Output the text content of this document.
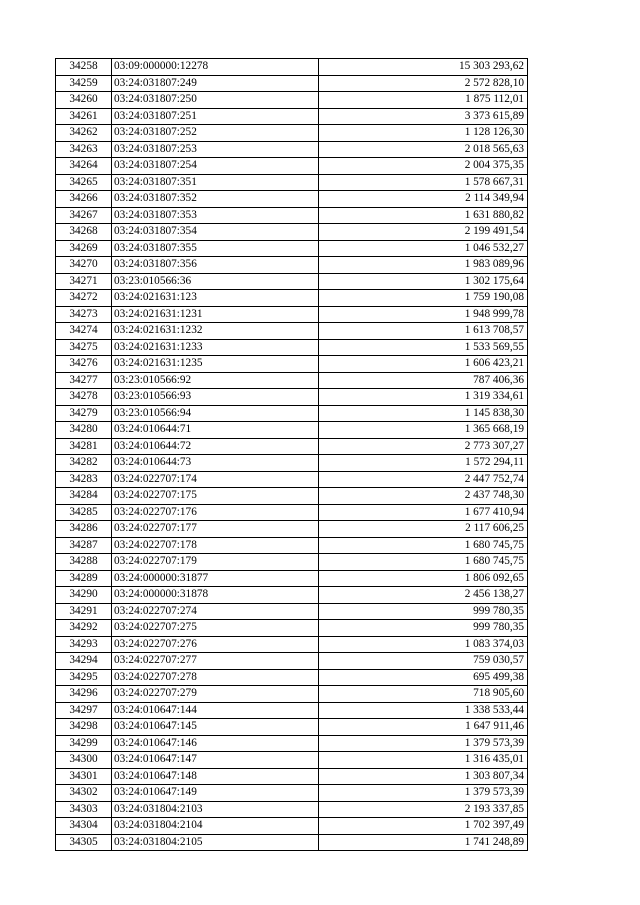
34258	03:09:000000:12278	15 303 293,62
34259	03:24:031807:249	2 572 828,10
34260	03:24:031807:250	1 875 112,01
34261	03:24:031807:251	3 373 615,89
34262	03:24:031807:252	1 128 126,30
34263	03:24:031807:253	2 018 565,63
34264	03:24:031807:254	2 004 375,35
34265	03:24:031807:351	1 578 667,31
34266	03:24:031807:352	2 114 349,94
34267	03:24:031807:353	1 631 880,82
34268	03:24:031807:354	2 199 491,54
34269	03:24:031807:355	1 046 532,27
34270	03:24:031807:356	1 983 089,96
34271	03:23:010566:36	1 302 175,64
34272	03:24:021631:123	1 759 190,08
34273	03:24:021631:1231	1 948 999,78
34274	03:24:021631:1232	1 613 708,57
34275	03:24:021631:1233	1 533 569,55
34276	03:24:021631:1235	1 606 423,21
34277	03:23:010566:92	787 406,36
34278	03:23:010566:93	1 319 334,61
34279	03:23:010566:94	1 145 838,30
34280	03:24:010644:71	1 365 668,19
34281	03:24:010644:72	2 773 307,27
34282	03:24:010644:73	1 572 294,11
34283	03:24:022707:174	2 447 752,74
34284	03:24:022707:175	2 437 748,30
34285	03:24:022707:176	1 677 410,94
34286	03:24:022707:177	2 117 606,25
34287	03:24:022707:178	1 680 745,75
34288	03:24:022707:179	1 680 745,75
34289	03:24:000000:31877	1 806 092,65
34290	03:24:000000:31878	2 456 138,27
34291	03:24:022707:274	999 780,35
34292	03:24:022707:275	999 780,35
34293	03:24:022707:276	1 083 374,03
34294	03:24:022707:277	759 030,57
34295	03:24:022707:278	695 499,38
34296	03:24:022707:279	718 905,60
34297	03:24:010647:144	1 338 533,44
34298	03:24:010647:145	1 647 911,46
34299	03:24:010647:146	1 379 573,39
34300	03:24:010647:147	1 316 435,01
34301	03:24:010647:148	1 303 807,34
34302	03:24:010647:149	1 379 573,39
34303	03:24:031804:2103	2 193 337,85
34304	03:24:031804:2104	1 702 397,49
34305	03:24:031804:2105	1 741 248,89
